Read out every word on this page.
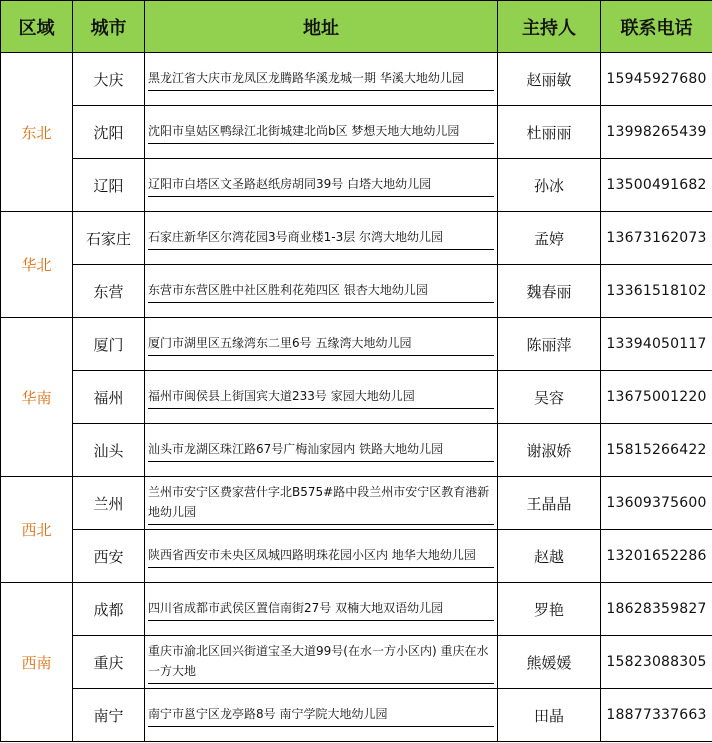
区域	城市	地址	主持人	联系电话
东北	大庆	黑龙江省大庆市龙凤区龙腾路华溪龙城一期 华溪大地幼儿园	赵丽敏	15945927680
	沈阳	沈阳市皇姑区鸭绿江北街城建北尚b区 梦想天地大地幼儿园	杜丽丽	13998265439
	辽阳	辽阳市白塔区文圣路赵纸房胡同39号 白塔大地幼儿园	孙冰	13500491682
华北	石家庄	石家庄新华区尔湾花园3号商业楼1-3层 尔湾大地幼儿园	孟婷	13673162073
	东营	东营市东营区胜中社区胜利花苑四区 银杏大地幼儿园	魏春丽	13361518102
华南	厦门	厦门市湖里区五缘湾东二里6号 五缘湾大地幼儿园	陈丽萍	13394050117
	福州	福州市闽侯县上街国宾大道233号 家园大地幼儿园	吴容	13675001220
	汕头	汕头市龙湖区珠江路67号广梅汕家园内 铁路大地幼儿园	谢淑娇	15815266422
西北	兰州	兰州市安宁区费家营什字北B575#路中段兰州市安宁区教育港新地幼儿园	王晶晶	13609375600
	西安	陕西省西安市未央区凤城四路明珠花园小区内 地华大地幼儿园	赵越	13201652286
西南	成都	四川省成都市武侯区置信南街27号 双楠大地双语幼儿园	罗艳	18628359827
	重庆	重庆市渝北区回兴街道宝圣大道99号(在水一方小区内) 重庆在水一方大地	熊媛媛	15823088305
	南宁	南宁市邕宁区龙亭路8号 南宁学院大地幼儿园	田晶	18877337663
